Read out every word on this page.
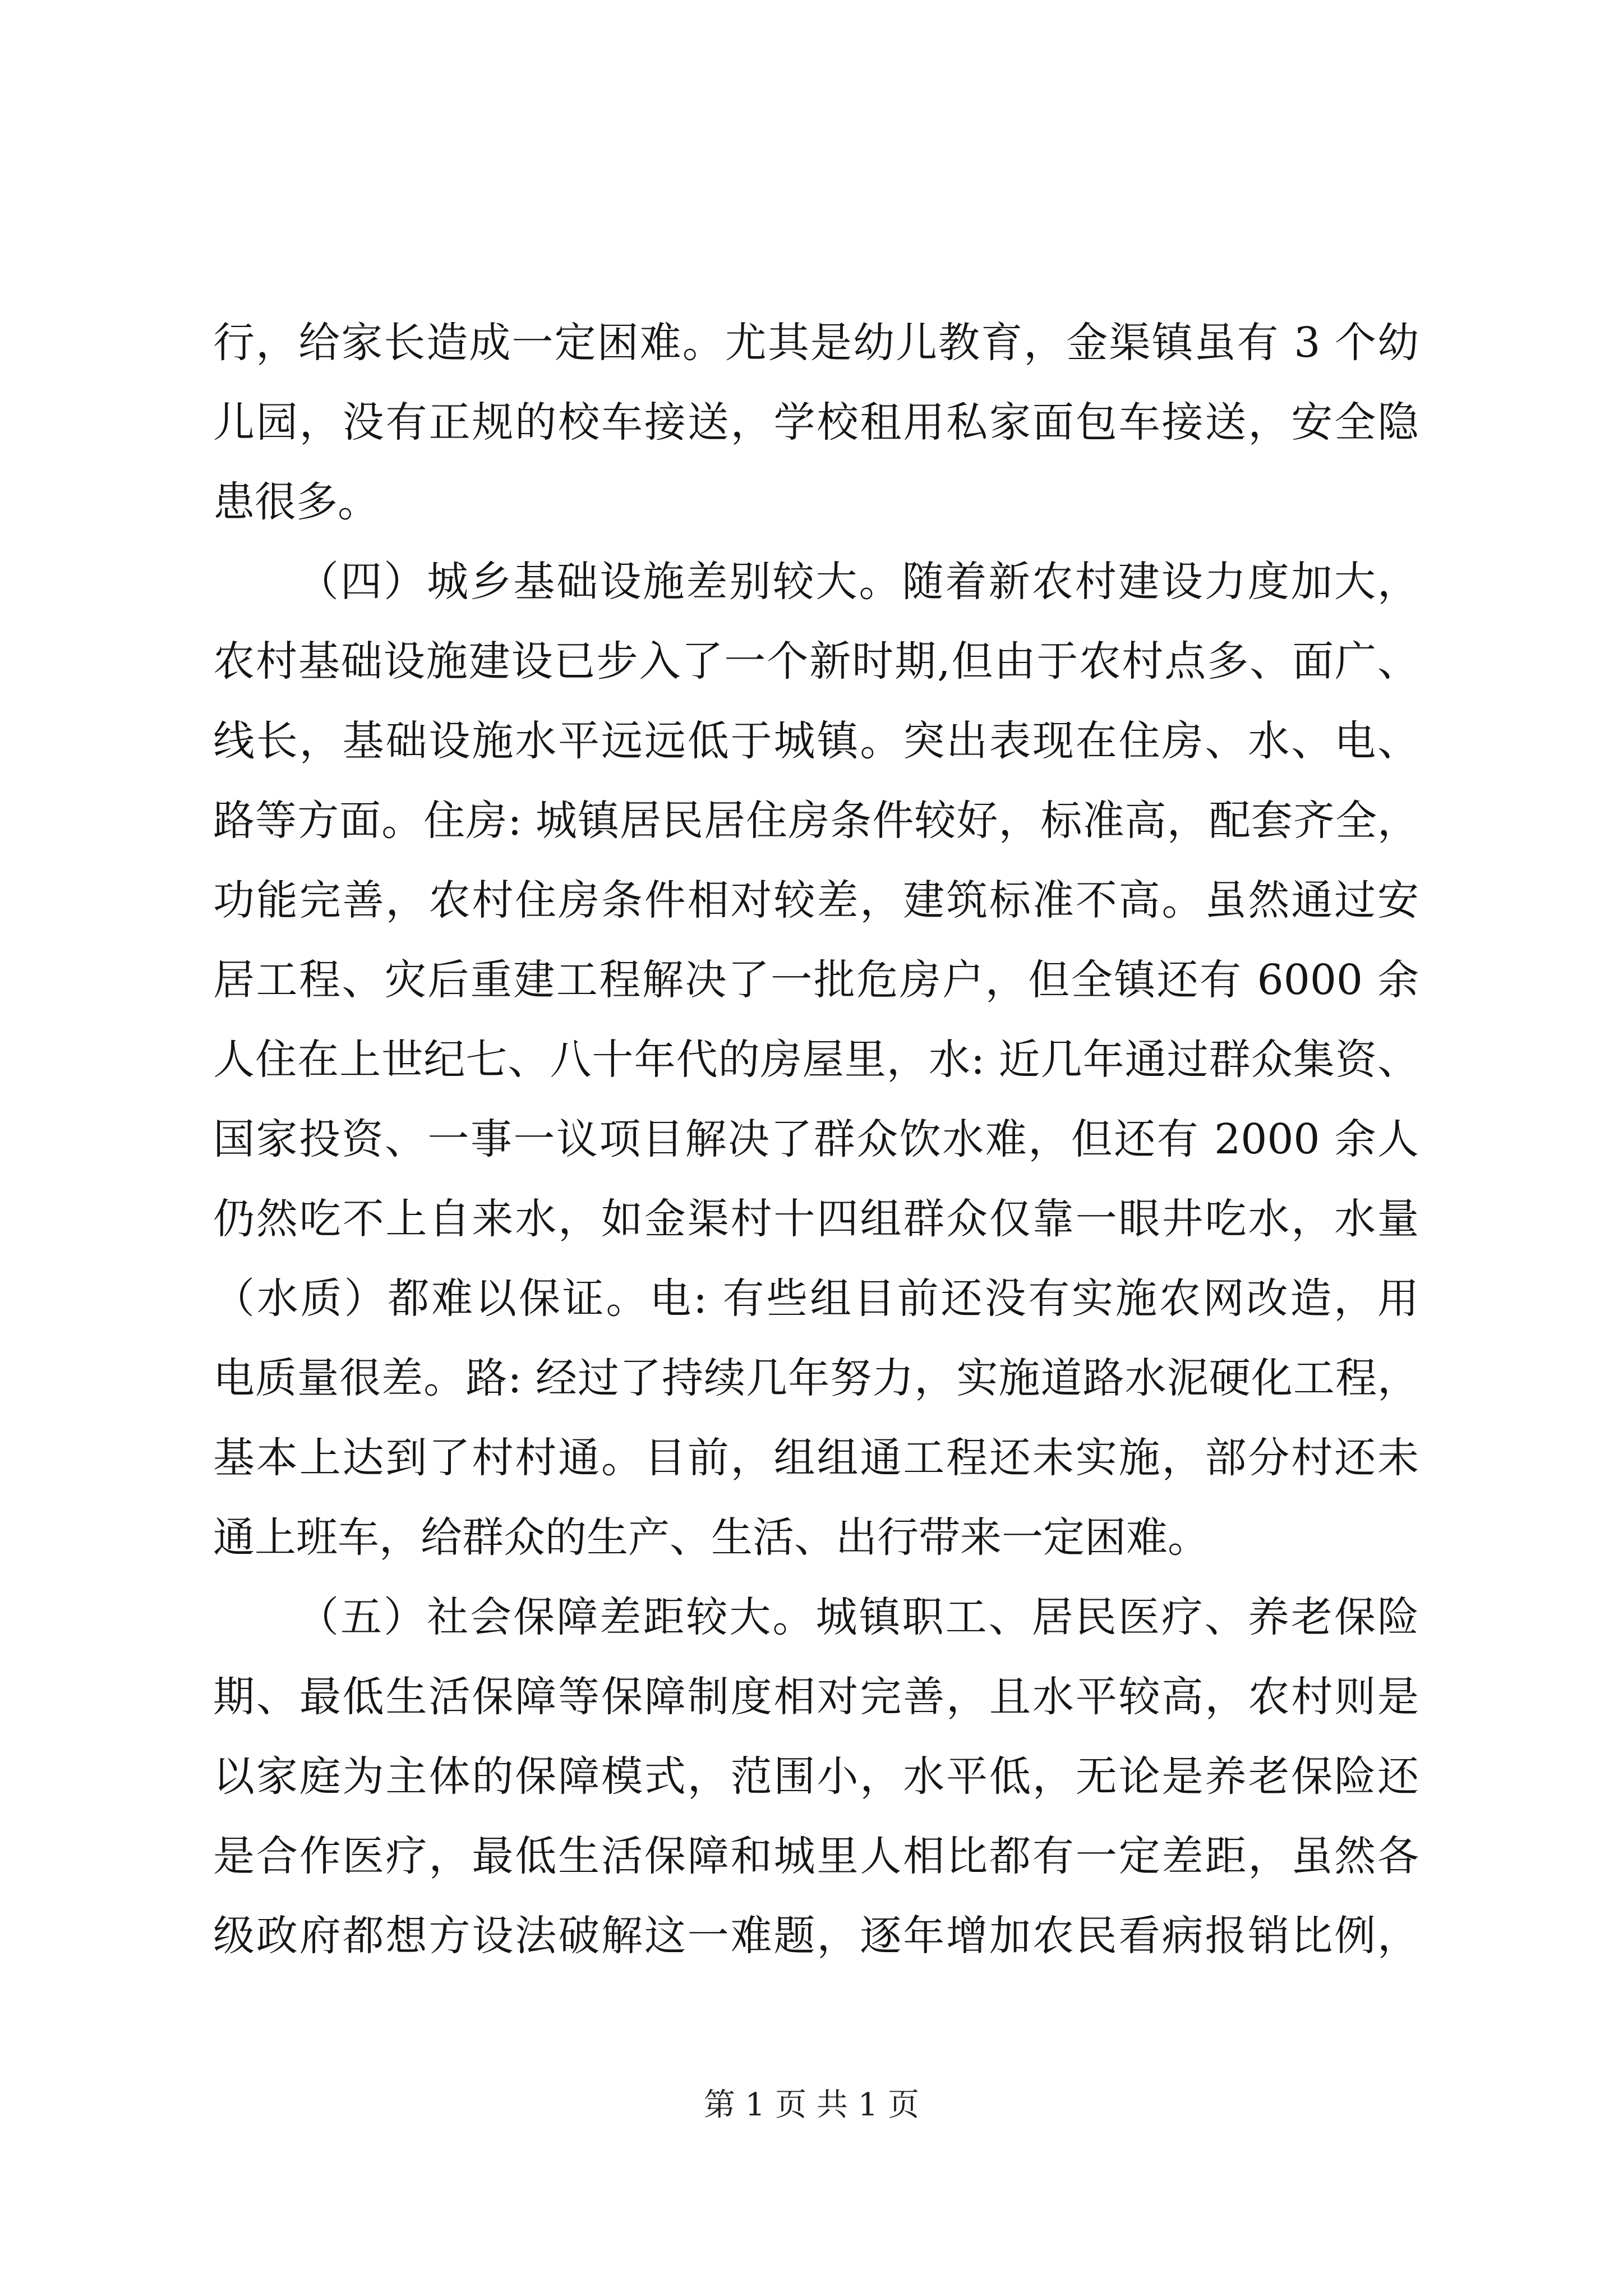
行，给家长造成一定困难。尤其是幼儿教育，金渠镇虽有 3 个幼
儿园，没有正规的校车接送，学校租用私家面包车接送，安全隐
患很多。
（四）城乡基础设施差别较大。随着新农村建设力度加大，
农村基础设施建设已步入了一个新时期,但由于农村点多、面广、
线长，基础设施水平远远低于城镇。突出表现在住房、水、电、
路等方面。住房: 城镇居民居住房条件较好，标准高，配套齐全，
功能完善，农村住房条件相对较差，建筑标准不高。虽然通过安
居工程、灾后重建工程解决了一批危房户，但全镇还有 6000 余
人住在上世纪七、八十年代的房屋里，水: 近几年通过群众集资、
国家投资、一事一议项目解决了群众饮水难，但还有 2000 余人
仍然吃不上自来水，如金渠村十四组群众仅靠一眼井吃水，水量
（水质）都难以保证。电: 有些组目前还没有实施农网改造，用
电质量很差。路: 经过了持续几年努力，实施道路水泥硬化工程，
基本上达到了村村通。目前，组组通工程还未实施，部分村还未
通上班车，给群众的生产、生活、出行带来一定困难。
（五）社会保障差距较大。城镇职工、居民医疗、养老保险
期、最低生活保障等保障制度相对完善，且水平较高，农村则是
以家庭为主体的保障模式，范围小，水平低，无论是养老保险还
是合作医疗，最低生活保障和城里人相比都有一定差距，虽然各
级政府都想方设法破解这一难题，逐年增加农民看病报销比例，
第 1 页 共 1 页
